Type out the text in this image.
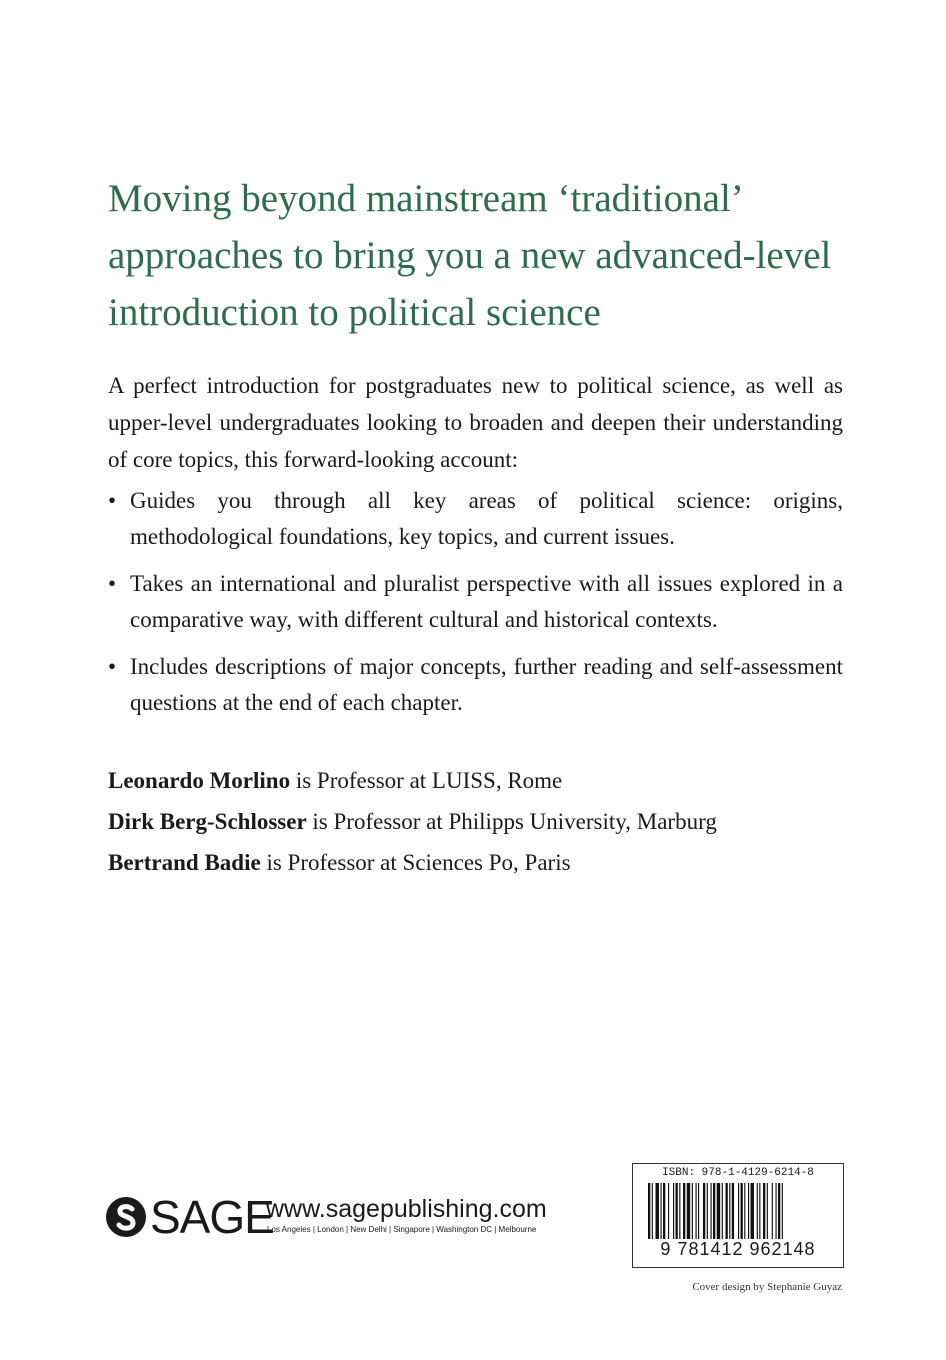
Moving beyond mainstream ‘traditional’ approaches to bring you a new advanced-level introduction to political science

A perfect introduction for postgraduates new to political science, as well as upper-level undergraduates looking to broaden and deepen their understanding of core topics, this forward-looking account:

• Guides you through all key areas of political science: origins, methodological foundations, key topics, and current issues.
• Takes an international and pluralist perspective with all issues explored in a comparative way, with different cultural and historical contexts.
• Includes descriptions of major concepts, further reading and self-assessment questions at the end of each chapter.
Leonardo Morlino is Professor at LUISS, Rome
Dirk Berg-Schlosser is Professor at Philipps University, Marburg
Bertrand Badie is Professor at Sciences Po, Paris
SAGE
www.sagepublishing.com
Los Angeles | London | New Delhi | Singapore | Washington DC | Melbourne
ISBN: 978-1-4129-6214-8
9 781412 962148
Cover design by Stephanie Guyaz
